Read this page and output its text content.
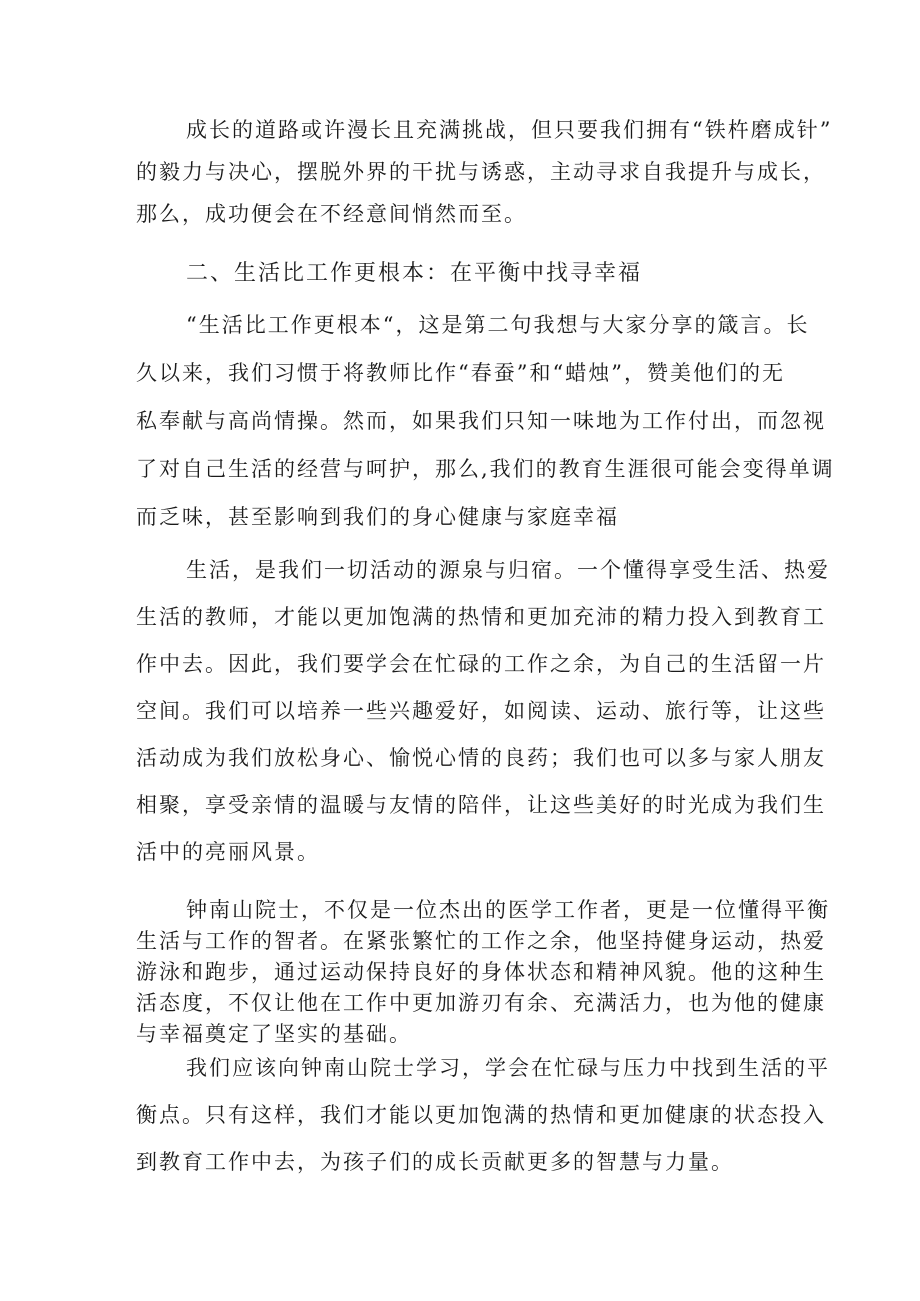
成长的道路或许漫长且充满挑战，但只要我们拥有“铁杵磨成针”
的毅力与决心，摆脱外界的干扰与诱惑，主动寻求自我提升与成长，
那么，成功便会在不经意间悄然而至。
二、生活比工作更根本：在平衡中找寻幸福
“生活比工作更根本“，这是第二句我想与大家分享的箴言。长
久以来，我们习惯于将教师比作“春蚕”和“蜡烛”，赞美他们的无
私奉献与高尚情操。然而，如果我们只知一味地为工作付出，而忽视
了对自己生活的经营与呵护，那么,我们的教育生涯很可能会变得单调
而乏味，甚至影响到我们的身心健康与家庭幸福
生活，是我们一切活动的源泉与归宿。一个懂得享受生活、热爱
生活的教师，才能以更加饱满的热情和更加充沛的精力投入到教育工
作中去。因此，我们要学会在忙碌的工作之余，为自己的生活留一片
空间。我们可以培养一些兴趣爱好，如阅读、运动、旅行等，让这些
活动成为我们放松身心、愉悦心情的良药；我们也可以多与家人朋友
相聚，享受亲情的温暖与友情的陪伴，让这些美好的时光成为我们生
活中的亮丽风景。
钟南山院士，不仅是一位杰出的医学工作者，更是一位懂得平衡
生活与工作的智者。在紧张繁忙的工作之余，他坚持健身运动，热爱
游泳和跑步，通过运动保持良好的身体状态和精神风貌。他的这种生
活态度，不仅让他在工作中更加游刃有余、充满活力，也为他的健康
与幸福奠定了坚实的基础。
我们应该向钟南山院士学习，学会在忙碌与压力中找到生活的平
衡点。只有这样，我们才能以更加饱满的热情和更加健康的状态投入
到教育工作中去，为孩子们的成长贡献更多的智慧与力量。
